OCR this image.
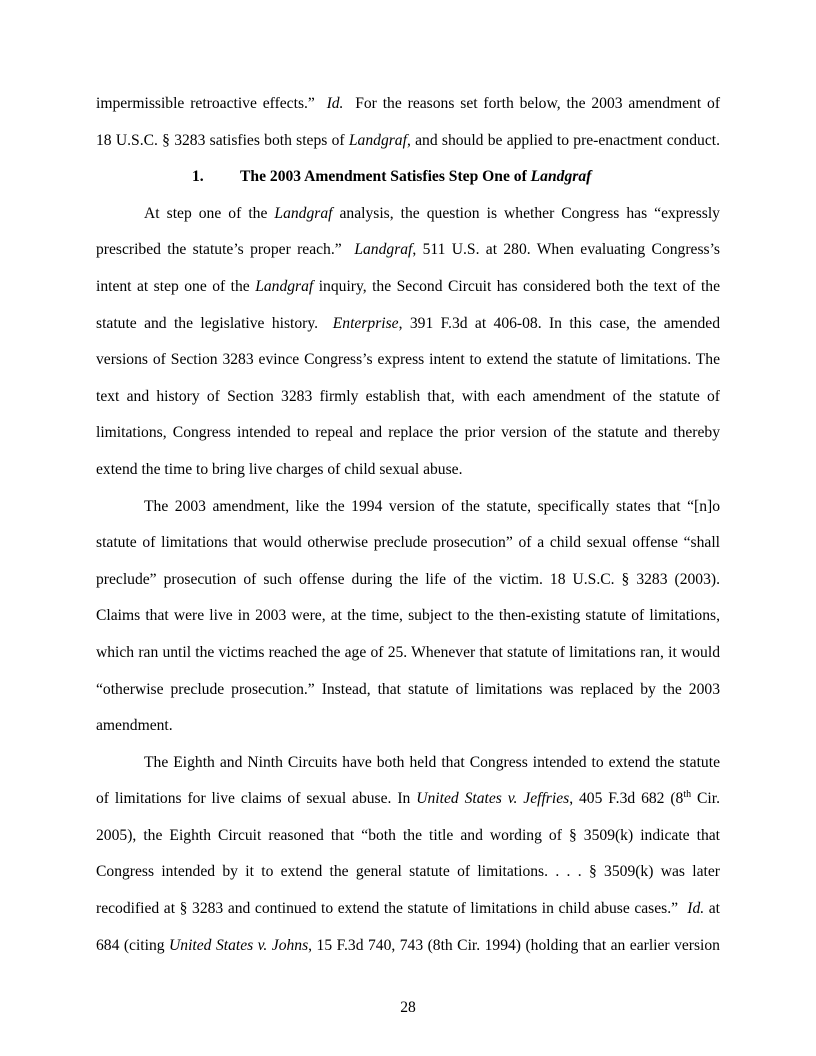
impermissible retroactive effects.” Id. For the reasons set forth below, the 2003 amendment of
18 U.S.C. § 3283 satisfies both steps of Landgraf, and should be applied to pre-enactment conduct.
1. The 2003 Amendment Satisfies Step One of Landgraf
At step one of the Landgraf analysis, the question is whether Congress has “expressly
prescribed the statute’s proper reach.” Landgraf, 511 U.S. at 280. When evaluating Congress’s
intent at step one of the Landgraf inquiry, the Second Circuit has considered both the text of the
statute and the legislative history. Enterprise, 391 F.3d at 406-08. In this case, the amended
versions of Section 3283 evince Congress’s express intent to extend the statute of limitations. The
text and history of Section 3283 firmly establish that, with each amendment of the statute of
limitations, Congress intended to repeal and replace the prior version of the statute and thereby
extend the time to bring live charges of child sexual abuse.
The 2003 amendment, like the 1994 version of the statute, specifically states that “[n]o
statute of limitations that would otherwise preclude prosecution” of a child sexual offense “shall
preclude” prosecution of such offense during the life of the victim. 18 U.S.C. § 3283 (2003).
Claims that were live in 2003 were, at the time, subject to the then-existing statute of limitations,
which ran until the victims reached the age of 25. Whenever that statute of limitations ran, it would
“otherwise preclude prosecution.” Instead, that statute of limitations was replaced by the 2003
amendment.
The Eighth and Ninth Circuits have both held that Congress intended to extend the statute
of limitations for live claims of sexual abuse. In United States v. Jeffries, 405 F.3d 682 (8th Cir.
2005), the Eighth Circuit reasoned that “both the title and wording of § 3509(k) indicate that
Congress intended by it to extend the general statute of limitations. . . . § 3509(k) was later
recodified at § 3283 and continued to extend the statute of limitations in child abuse cases.” Id. at
684 (citing United States v. Johns, 15 F.3d 740, 743 (8th Cir. 1994) (holding that an earlier version
28
